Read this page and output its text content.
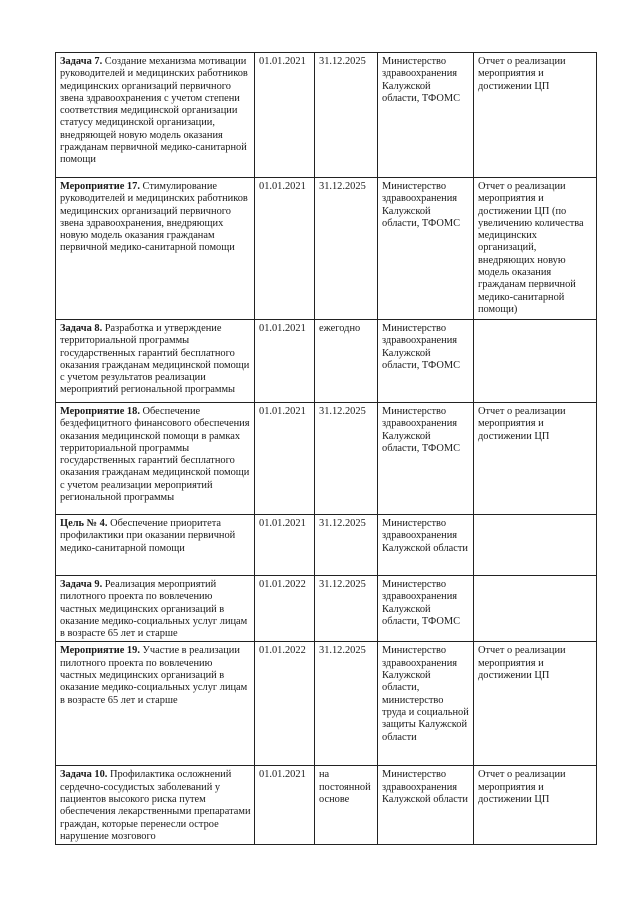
Задача 7. Создание механизма мотивации руководителей и медицинских работников медицинских организаций первичного звена здравоохранения с учетом степени соответствия медицинской организации статусу медицинской организации, внедряющей новую модель оказания гражданам первичной медико-санитарной помощи	01.01.2021	31.12.2025	Министерство здравоохранения Калужской области, ТФОМС	Отчет о реализации мероприятия и достижении ЦП
Мероприятие 17. Стимулирование руководителей и медицинских работников медицинских организаций первичного звена здравоохранения, внедряющих новую модель оказания гражданам первичной медико-санитарной помощи	01.01.2021	31.12.2025	Министерство здравоохранения Калужской области, ТФОМС	Отчет о реализации мероприятия и достижении ЦП (по увеличению количества медицинских организаций, внедряющих новую модель оказания гражданам первичной медико-санитарной помощи)
Задача 8. Разработка и утверждение территориальной программы государственных гарантий бесплатного оказания гражданам медицинской помощи с учетом результатов реализации мероприятий региональной программы	01.01.2021	ежегодно	Министерство здравоохранения Калужской области, ТФОМС	
Мероприятие 18. Обеспечение бездефицитного финансового обеспечения оказания медицинской помощи в рамках территориальной программы государственных гарантий бесплатного оказания гражданам медицинской помощи с учетом реализации мероприятий региональной программы	01.01.2021	31.12.2025	Министерство здравоохранения Калужской области, ТФОМС	Отчет о реализации мероприятия и достижении ЦП
Цель № 4. Обеспечение приоритета профилактики при оказании первичной медико-санитарной помощи	01.01.2021	31.12.2025	Министерство здравоохранения Калужской области	
Задача 9. Реализация мероприятий пилотного проекта по вовлечению частных медицинских организаций в оказание медико-социальных услуг лицам в возрасте 65 лет и старше	01.01.2022	31.12.2025	Министерство здравоохранения Калужской области, ТФОМС	
Мероприятие 19. Участие в реализации пилотного проекта по вовлечению частных медицинских организаций в оказание медико-социальных услуг лицам в возрасте 65 лет и старше	01.01.2022	31.12.2025	Министерство здравоохранения Калужской области, министерство труда и социальной защиты Калужской области	Отчет о реализации мероприятия и достижении ЦП
Задача 10. Профилактика осложнений сердечно-сосудистых заболеваний у пациентов высокого риска путем обеспечения лекарственными препаратами граждан, которые перенесли острое нарушение мозгового	01.01.2021	на постоянной основе	Министерство здравоохранения Калужской области	Отчет о реализации мероприятия и достижении ЦП
